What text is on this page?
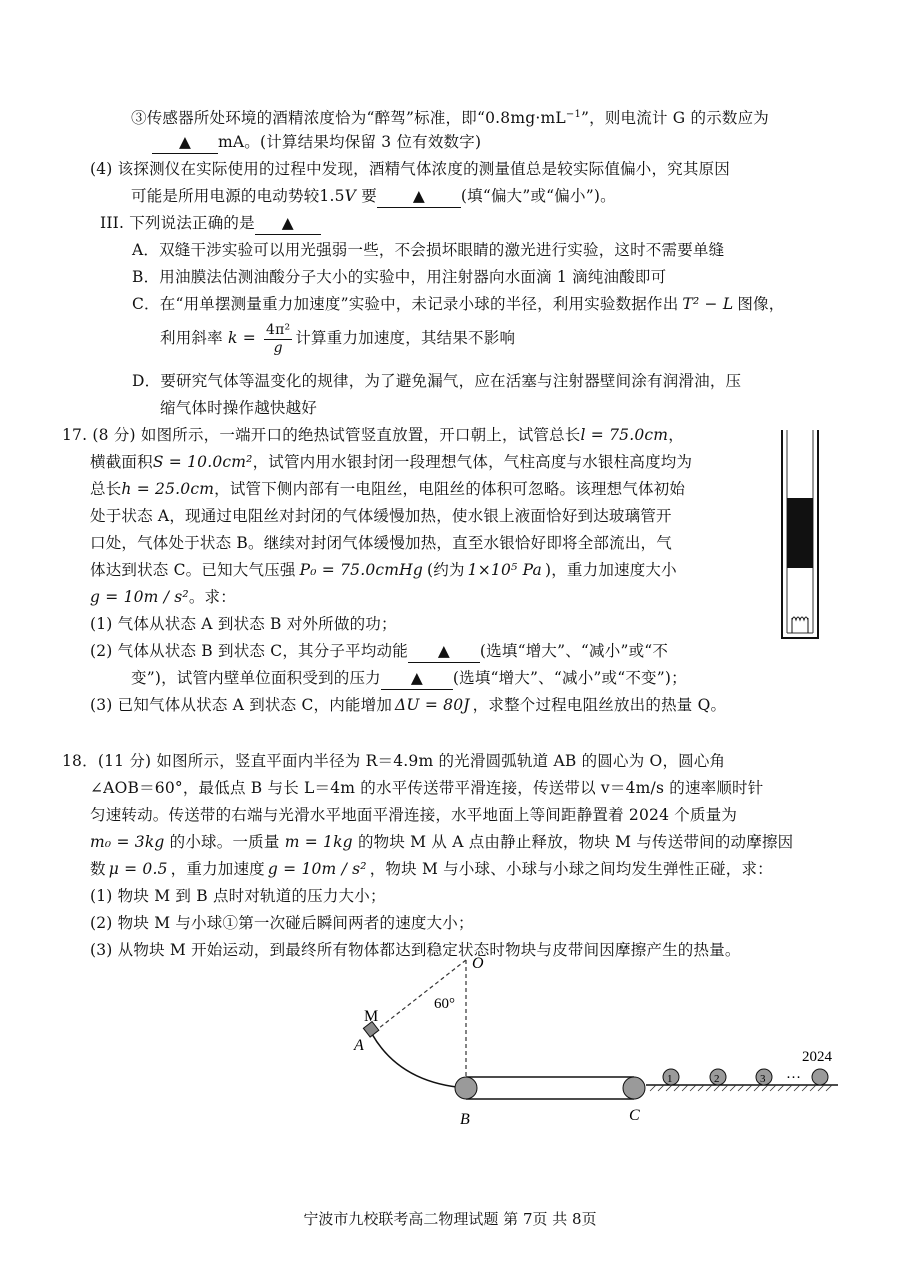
③传感器所处环境的酒精浓度恰为“醉驾”标准，即“$0.8mg\cdot mL^{-1}$”，则电流计 G 的示数应为
▲ mA。(计算结果均保留 3 位有效数字)
(4) 该探测仪在实际使用的过程中发现，酒精气体浓度的测量值总是较实际值偏小，究其原因
可能是所用电源的电动势较1.5V 要 ▲ (填“偏大”或“偏小”)。
III. 下列说法正确的是 ▲
A．双缝干涉实验可以用光强弱一些，不会损坏眼睛的激光进行实验，这时不需要单缝
B．用油膜法估测油酸分子大小的实验中，用注射器向水面滴 1 滴纯油酸即可
C．在“用单摆测量重力加速度”实验中，未记录小球的半径，利用实验数据作出 T² − L 图像，
利用斜率 $k = \frac{\text{4π²}}{g}$ 计算重力加速度，其结果不影响
D．要研究气体等温变化的规律，为了避免漏气，应在活塞与注射器壁间涂有润滑油，压
缩气体时操作越快越好
17. (8 分) 如图所示，一端开口的绝热试管竖直放置，开口朝上，试管总长l = 75.0cm，
横截面积S = 10.0cm²，试管内用水银封闭一段理想气体，气柱高度与水银柱高度均为
总长h = 25.0cm，试管下侧内部有一电阻丝，电阻丝的体积可忽略。该理想气体初始
处于状态 A，现通过电阻丝对封闭的气体缓慢加热，使水银上液面恰好到达玻璃管开
口处，气体处于状态 B。继续对封闭气体缓慢加热，直至水银恰好即将全部流出，气
体达到状态 C。已知大气压强 P₀ = 75.0cmHg (约为 1×10⁵ Pa )，重力加速度大小
g = 10m / s²。求：
(1) 气体从状态 A 到状态 B 对外所做的功；
(2) 气体从状态 B 到状态 C，其分子平均动能 ▲ (选填“增大”、“减小”或“不
变”)，试管内壁单位面积受到的压力 ▲ (选填“增大”、“减小”或“不变”)；
(3) 已知气体从状态 A 到状态 C，内能增加 ΔU = 80J ，求整个过程电阻丝放出的热量 Q。
18．(11 分) 如图所示，竖直平面内半径为 R＝4.9m 的光滑圆弧轨道 AB 的圆心为 O，圆心角
∠AOB＝60°，最低点 B 与长 L＝4m 的水平传送带平滑连接，传送带以 v＝4m/s 的速率顺时针
匀速转动。传送带的右端与光滑水平地面平滑连接，水平地面上等间距静置着 2024 个质量为
m₀ = 3kg 的小球。一质量 m = 1kg 的物块 M 从 A 点由静止释放，物块 M 与传送带间的动摩擦因
数 μ = 0.5 ，重力加速度 g = 10m / s² ，物块 M 与小球、小球与小球之间均发生弹性正碰，求：
(1) 物块 M 到 B 点时对轨道的压力大小；
(2) 物块 M 与小球①第一次碰后瞬间两者的速度大小；
(3) 从物块 M 开始运动，到最终所有物体都达到稳定状态时物块与皮带间因摩擦产生的热量。
O
60°
M
A
B	C
1	2	3 …
2024
宁波市九校联考高二物理试题 第 7页 共 8页
